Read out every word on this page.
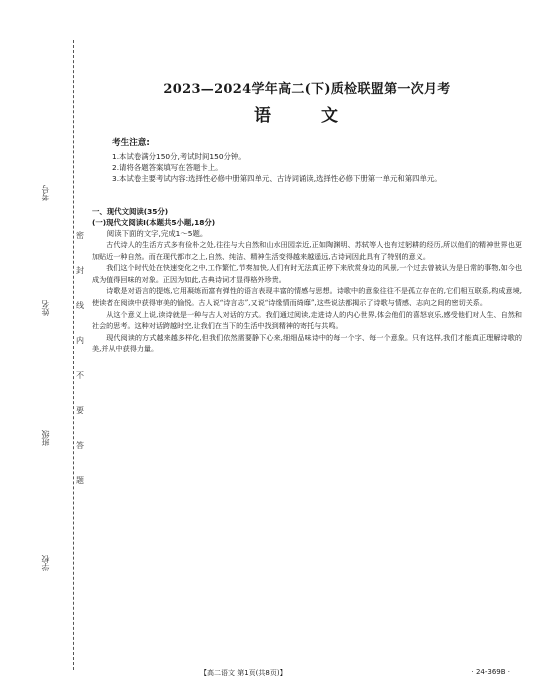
考号
姓名
班级
学校
密
封
线
内
不
要
答
题
2023—2024学年高二(下)质检联盟第一次月考
语 文
考生注意:
1.本试卷满分150分,考试时间150分钟。
2.请将各题答案填写在答题卡上。
3.本试卷主要考试内容:选择性必修中册第四单元、古诗词诵读,选择性必修下册第一单元和第四单元。
一、现代文阅读(35分)
(一)现代文阅读Ⅰ(本题共5小题,18分)
阅读下面的文字,完成1～5题。

古代诗人的生活方式多有俭朴之处,往往与大自然和山水田园亲近,正如陶渊明、苏轼等人也有过躬耕的经历,所以他们的精神世界也更加贴近一种自然。而在现代都市之上,自然、纯洁、精神生活变得越来越遥远,古诗词因此具有了特别的意义。

我们这个时代处在快速变化之中,工作繁忙,节奏加快,人们有时无法真正停下来欣赏身边的风景,一个过去曾被认为是日常的事物,如今也成为值得回味的对象。正因为如此,古典诗词才显得格外珍贵。

诗歌是对语言的提炼,它用凝练而富有弹性的语言表现丰富的情感与思想。诗歌中的意象往往不是孤立存在的,它们相互联系,构成意境,使读者在阅读中获得审美的愉悦。古人说“诗言志”,又说“诗缘情而绮靡”,这些说法都揭示了诗歌与情感、志向之间的密切关系。

从这个意义上说,读诗就是一种与古人对话的方式。我们通过阅读,走进诗人的内心世界,体会他们的喜怒哀乐,感受他们对人生、自然和社会的思考。这种对话跨越时空,让我们在当下的生活中找到精神的寄托与共鸣。

现代阅读的方式越来越多样化,但我们依然需要静下心来,细细品味诗中的每一个字、每一个意象。只有这样,我们才能真正理解诗歌的美,并从中获得力量。

【高二语文 第1页(共8页)】	· 24-369B ·
